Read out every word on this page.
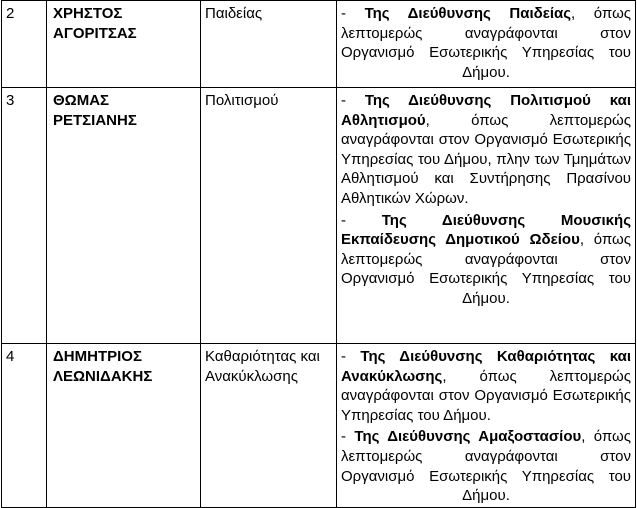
2	ΧΡΗΣΤΟΣ ΑΓΟΡΙΤΣΑΣ	Παιδείας	- Της Διεύθυνσης Παιδείας, όπως λεπτομερώς αναγράφονται στον Οργανισμό Εσωτερικής Υπηρεσίας του Δήμου.

3	ΘΩΜΑΣ ΡΕΤΣΙΑΝΗΣ	Πολιτισμού	- Της Διεύθυνσης Πολιτισμού και Αθλητισμού, όπως λεπτομερώς αναγράφονται στον Οργανισμό Εσωτερικής Υπηρεσίας του Δήμου, πλην των Τμημάτων Αθλητισμού και Συντήρησης Πρασίνου Αθλητικών Χώρων.

- Της Διεύθυνσης Μουσικής Εκπαίδευσης Δημοτικού Ωδείου, όπως λεπτομερώς αναγράφονται στον Οργανισμό Εσωτερικής Υπηρεσίας του Δήμου.

4	ΔΗΜΗΤΡΙΟΣ ΛΕΩΝΙΔΑΚΗΣ	Καθαριότητας και Ανακύκλωσης	- Της Διεύθυνσης Καθαριότητας και Ανακύκλωσης, όπως λεπτομερώς αναγράφονται στον Οργανισμό Εσωτερικής Υπηρεσίας του Δήμου.

- Της Διεύθυνσης Αμαξοστασίου, όπως λεπτομερώς αναγράφονται στον Οργανισμό Εσωτερικής Υπηρεσίας του Δήμου.
